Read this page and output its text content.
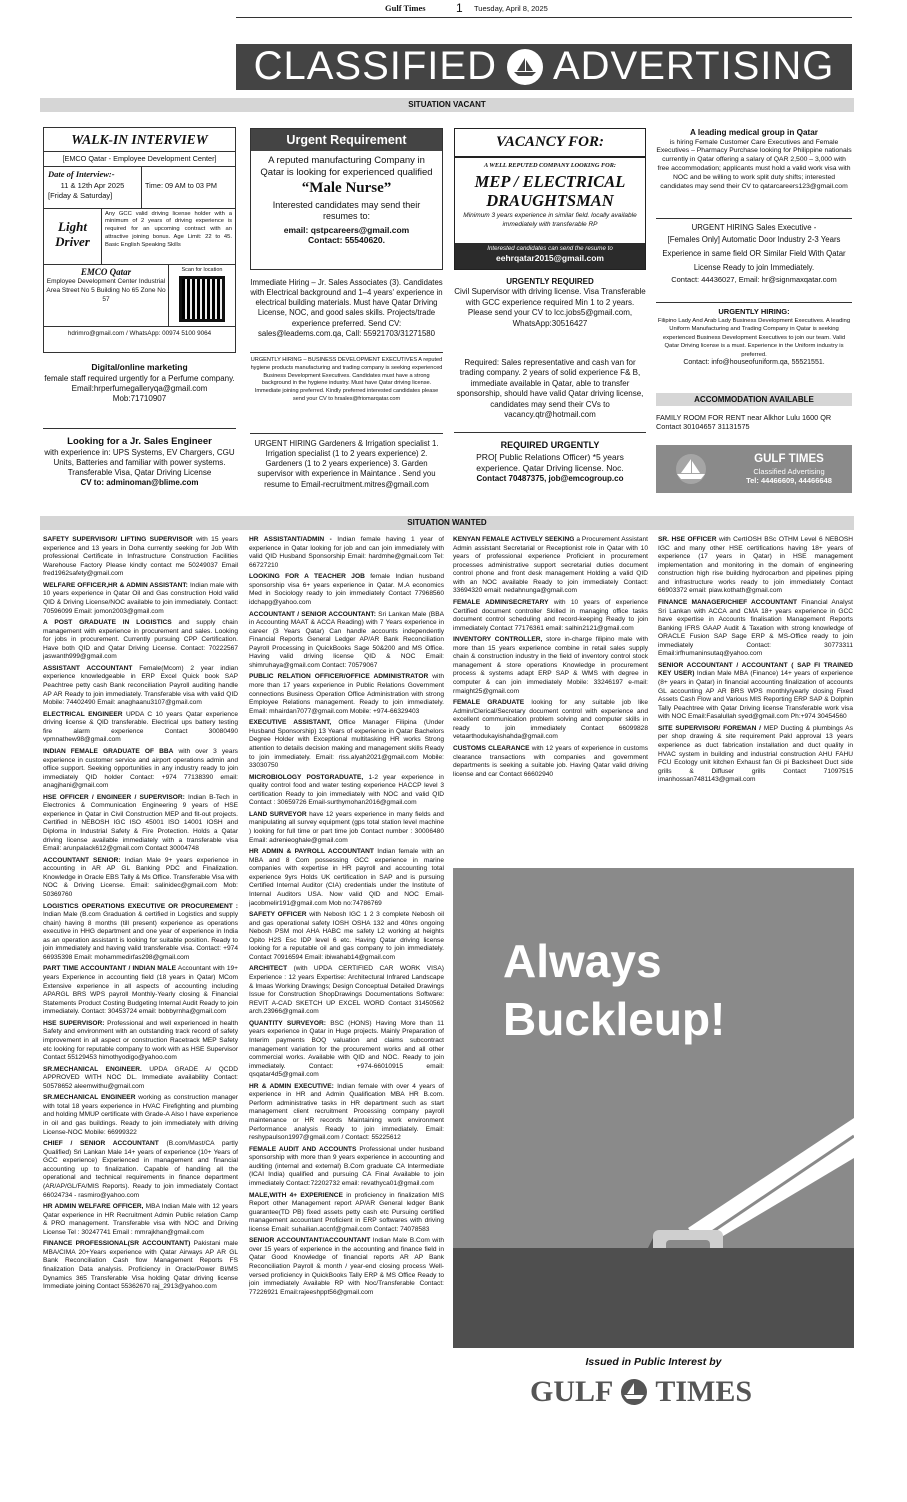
Gulf Times	1 Tuesday, April 8, 2025
CLASSIFIED ADVERTISING
SITUATION VACANT
WALK-IN INTERVIEW
[EMCO Qatar - Employee Development Center]
Date of Interview:-
11 & 12th Apr 2025
[Friday & Saturday]
Time: 09 AM to 03 PM
Light Driver
Any GCC valid driving license holder with a minimum of 2 years of driving experience is required for an upcoming contract with an attractive joining bonus. Age Limit: 22 to 45. Basic English Speaking Skills
EMCO Qatar
Employee Development Center Industrial Area Street No 5 Building No 65 Zone No 57
Scan for location
hdrimro@gmail.com / WhatsApp: 00974 5100 9064
Digital/online marketing
female staff required urgently for a Perfume company.
Email:hrperfumegalleryqa@gmail.com
Mob:71710907
Looking for a Jr. Sales Engineer
with experience in: UPS Systems, EV Chargers, CGU Units, Batteries and familiar with power systems. Transferable Visa, Qatar Driving License
CV to: adminoman@blime.com
Urgent Requirement
A reputed manufacturing Company in Qatar is looking for experienced qualified
“Male Nurse”
Interested candidates may send their resumes to:
email: qstpcareers@gmail.com
Contact: 55540620.
Immediate Hiring – Jr. Sales Associates (3). Candidates with Electrical background and 1–4 years' experience in electrical building materials. Must have Qatar Driving License, NOC, and good sales skills. Projects/trade experience preferred. Send CV: sales@leadems.com.qa, Call: 55921703/31271580
URGENTLY HIRING – BUSINESS DEVELOPMENT EXECUTIVES A reputed hygiene products manufacturing and trading company is seeking experienced Business Development Executives. Candidates must have a strong background in the hygiene industry. Must have Qatar driving license. Immediate joining preferred. Kindly preferred interested candidates please send your CV to hrsales@friomarqatar.com
URGENT HIRING Gardeners & Irrigation specialist 1. Irrigation specialist (1 to 2 years experience) 2. Gardeners (1 to 2 years experience) 3. Garden supervisor with experience in Maintance . Send you resume to Email-recruitment.mitres@gmail.com
VACANCY FOR:
A WELL REPUTED COMPANY LOOKING FOR:
MEP / ELECTRICAL DRAUGHTSMAN
Minimum 3 years experience in similar field. locally available immediately with transferable RP
Interested candidates can send the resume to
eehrqatar2015@gmail.com
URGENTLY REQUIRED
Civil Supervisor with driving license. Visa Transferable with GCC experience required Min 1 to 2 years. Please send your CV to lcc.jobs5@gmail.com, WhatsApp:30516427
Required: Sales representative and cash van for trading company. 2 years of solid experience F& B, immediate available in Qatar, able to transfer sponsorship, should have valid Qatar driving license, candidates may send their CVs to vacancy.qtr@hotmail.com
REQUIRED URGENTLY
PRO[ Public Relations Officer) *5 years experience. Qatar Driving license. Noc.
Contact 70487375, job@emcogroup.co
A leading medical group in Qatar
is hiring Female Customer Care Executives and Female Executives – Pharmacy Purchase looking for Philippine nationals currently in Qatar offering a salary of QAR 2,500 – 3,000 with free accommodation; applicants must hold a valid work visa with NOC and be willing to work split duty shifts; interested candidates may send their CV to qatarcareers123@gmail.com
URGENT HIRING Sales Executive -
[Females Only] Automatic Door Industry 2-3 Years Experience in same field OR Similar Field With Qatar License Ready to join Immediately.
Contact: 44436027, Email: hr@signmaxqatar.com
URGENTLY HIRING:
Filipino Lady And Arab Lady Business Development Executives. A leading Uniform Manufacturing and Trading Company in Qatar is seeking experienced Business Development Executives to join our team. Valid Qatar Driving license is a must. Experience in the Uniform industry is preferred.
Contact: info@houseofuniform.qa, 55521551.
ACCOMMODATION AVAILABLE
FAMILY ROOM FOR RENT near Alkhor Lulu 1600 QR Contact 30104657 31131575
GULF TIMES
Classified Advertising
Tel: 44466609, 44466648
SITUATION WANTED

SAFETY SUPERVISOR/ LIFTING SUPERVISOR with 15 years experience and 13 years in Doha currently seeking for Job With professional Certificate in Infrastructure Construction Facilities Warehouse Factory Please kindly contact me 50249037 Email fred1962safety@gmail.com

WELFARE OFFICER,HR & ADMIN ASSISTANT: Indian male with 10 years experience in Qatar Oil and Gas construction Hold valid QID & Driving License/NOC available to join immediately. Contact: 70596099 Email: jomon2003@gmail.com

A POST GRADUATE IN LOGISTICS and supply chain management with experience in procurement and sales. Looking for jobs in procurement. Currently pursuing CPP Certification. Have both QID and Qatar Driving License. Contact: 70222567 jaswanth999@gmail.com

ASSISTANT ACCOUNTANT Female(Mcom) 2 year indian experience knowledgeable in ERP Excel Quick book SAP Peachtree petty cash Bank reconciliation Payroll auditing handle AP AR Ready to join immediately. Transferable visa with valid QID Mobile: 74402490 Email: anaghaanu3107@gmail.com

ELECTRICAL ENGINEER UPDA C 10 years Qatar experience driving license & QID transferable. Electrical ups battery testing fire alarm experience Contact 30080490 vpmnathew98@gmail.com

INDIAN FEMALE GRADUATE OF BBA with over 3 years experience in customer service and airport operations admin and office support. Seeking opportunities in any industry ready to join immediately QID holder Contact: +974 77138390 email: anagjhani@gmail.com

HSE OFFICER / ENGINEER / SUPERVISOR: Indian B-Tech in Electronics & Communication Engineering 9 years of HSE experience in Qatar in Civil Construction MEP and fit-out projects. Certified in NEBOSH IGC ISO 45001 ISO 14001 IOSH and Diploma in Industrial Safety & Fire Protection. Holds a Qatar driving license available immediately with a transferable visa Email: arunpalack612@gmail.com Contact 30004748

ACCOUNTANT SENIOR: Indian Male 9+ years experience in accounting in AR AP GL Banking PDC and Finalization. Knowledge in Oracle EBS Tally & Ms Office. Transferable Visa with NOC & Driving License. Email: salinidec@gmail.com Mob: 50369760

LOGISTICS OPERATIONS EXECUTIVE OR PROCUREMENT : Indian Male (B.com Graduation & certified in Logistics and supply chain) having 8 months (till present) experience as operations executive in HHG department and one year of experience in India as an operation assistant is looking for suitable position. Ready to join immediately and having valid transferable visa. Contact: +974 66935398 Email: mohammedirfas298@gmail.com

PART TIME ACCOUNTANT / INDIAN MALE Accountant with 19+ years Experience in accounting field (18 years in Qatar) MCom Extensive experience in all aspects of accounting including APARGL BRS WPS payroll Monthly-Yearly closing & Financial Statements Product Costing Budgeting Internal Audit Ready to join immediately. Contact: 30453724 email: bobbyrnha@gmail.com

HSE SUPERVISOR: Professional and well experienced in health Safety and environment with an outstanding track record of safety improvement in all aspect or construction Racetrack MEP Safety etc looking for reputable company to work with as HSE Supervisor Contact 55129453 himothyodigo@yahoo.com

SR.MECHANICAL ENGINEER. UPDA GRADE A/ QCDD APPROVED WITH NOC DL. Immediate availability Contact: 50578652 aleemwithu@gmail.com

SR.MECHANICAL ENGINEER working as construction manager with total 18 years experience in HVAC Firefighting and plumbing and holding MMUP certificate with Grade-A Also I have experience in oil and gas buildings. Ready to join immediately with driving License-NOC Mobile: 66999322

CHIEF / SENIOR ACCOUNTANT (B.com/Mast/CA partly Qualified) Sri Lankan Male 14+ years of experience (10+ Years of GCC experience) Experienced in management and financial accounting up to finalization. Capable of handling all the operational and technical requirements in finance department (AR/AP/GL/FA/MIS Reports). Ready to join immediately Contact 66024734 - rasmiro@yahoo.com

HR ADMIN WELFARE OFFICER, MBA Indian Male with 12 years Qatar experience in HR Recruitment Admin Public relation Camp & PRO management. Transferable visa with NOC and Driving License Tel : 30247741 Email : mmrajkhan@gmail.com

FINANCE PROFESSIONAL(SR ACCOUNTANT) Pakistani male MBA/CIMA 20+Years experience with Qatar Airways AP AR GL Bank Reconciliation Cash flow Management Reports FS finalization Data analysis. Proficiency in Oracle/Power BI/MS Dynamics 365 Transferable Visa holding Qatar driving license Immediate joining Contact 55362670 raj_2913@yahoo.com

HR ASSISTANT/ADMIN - Indian female having 1 year of experience in Qatar looking for job and can join immediately with valid QID Husband Sponsorship Email: hardmhe@gmail.com Tel: 66727210

LOOKING FOR A TEACHER JOB female Indian husband sponsorship visa 6+ years experience in Qatar. M.A economics Med in Sociology ready to join immediately Contact 77968560 idchapg@yahoo.com

ACCOUNTANT / SENIOR ACCOUNTANT: Sri Lankan Male (BBA in Accounting MAAT & ACCA Reading) with 7 Years experience in career (3 Years Qatar) Can handle accounts independently Financial Reports General Ledger AP/AR Bank Reconciliation Payroll Processing in QuickBooks Sage 50&200 and MS Office. Having valid driving license QID & NOC Email: shimruhaya@gmail.com Contact: 70579067

PUBLIC RELATION OFFICER/OFFICE ADMINISTRATOR with more than 17 years experience in Public Relations Government connections Business Operation Office Administration with strong Employee Relations management. Ready to join immediately. Email: mhairdan7077@gmail.com Mobile: +974-66329403

EXECUTIVE ASSISTANT, Office Manager Filipina (Under Husband Sponsorship) 13 Years of experience in Qatar Bachelors Degree Holder with Exceptional multitasking HR works Strong attention to details decision making and management skills Ready to join immediately. Email: riss.alyah2021@gmail.com Mobile: 33030750

MICROBIOLOGY POSTGRADUATE, 1-2 year experience in quality control food and water testing experience HACCP level 3 certification Ready to join immediately with NOC and valid QID Contact : 30659726 Email-surthymohan2016@gmail.com

LAND SURVEYOR have 12 years experience in many fields and manipulating all survey equipment (gps total station level machine ) looking for full time or part time job Contact number : 30006480 Email: adrenieoghale@gmail.com

HR ADMIN & PAYROLL ACCOUNTANT Indian female with an MBA and 8 Com possessing GCC experience in marine companies with expertise in HR payroll and accounting total experience 9yrs Holds UK certification in SAP and is pursuing Certified Internal Auditor (CIA) credentials under the Institute of Internal Auditors USA. Now valid QID and NOC Email-jacobmelir191@gmail.com Mob no:74786769

SAFETY OFFICER with Nebosh IGC 1 2 3 complete Nebosh oil and gas operational safety IOSH OSHA 132 and 40hrs ongoing Nebosh PSM mol AHA HABC me safety L2 working at heights Opito H2S Esc IDP level 6 etc. Having Qatar driving license looking for a reputable oil and gas company to join immediately. Contact 70916594 Email: ibiwahab14@gmail.com

ARCHITECT (with UPDA CERTIFIED CAR WORK VISA) Experience : 12 years Expertise: Architectural Infrared Landscape & Imaas Working Drawings; Design Conceptual Detailed Drawings Issue for Construction ShopDrawings Documentations Software: REVIT A-CAD SKETCH UP EXCEL WORD Contact 31450562 arch.23966@gmail.com

QUANTITY SURVEYOR: BSC (HONS) Having More than 11 years experience in Qatar in Huge projects. Mainly Preparation of Interim payments BOQ valuation and claims subcontract management variation for the procurement works and all other commercial works. Available with QID and NOC. Ready to join immediately. Contact: +974-66010915 email: qsqatar4d5@gmail.com

HR & ADMIN EXECUTIVE: Indian female with over 4 years of experience in HR and Admin Qualification MBA HR B.com. Perform administrative tasks in HR department such as start management client recruitment Processing company payroll maintenance or HR records Maintaining work environment Performance analysis Ready to join immediately. Email: reshypaulson1997@gmail.com / Contact: 55225612

FEMALE AUDIT AND ACCOUNTS Professional under husband sponsorship with more than 9 years experience in accounting and auditing (internal and external) B.Com graduate CA Intermediate (ICAI India) qualified and pursuing CA Final Available to join immediately Contact:72202732 email: revathyca01@gmail.com

MALE,WITH 4+ EXPERIENCE in proficiency in finalization MIS Report other Management report AP/AR General ledger Bank guarantee(TD PB) fixed assets petty cash etc Pursuing certified management accountant Proficient in ERP softwares with driving license Email: suhailian.accnf@gmail.com Contact: 74078583

SENIOR ACCOUNTANT/ACCOUNTANT Indian Male B.Com with over 15 years of experience in the accounting and finance field in Qatar Good Knowledge of financial reports AR AP Bank Reconciliation Payroll & month / year-end closing process Well-versed proficiency in QuickBooks Tally ERP & MS Office Ready to join immediately Available RP with Noc/Transferable Contact: 77226921 Email:rajeeshppt56@gmail.com

KENYAN FEMALE ACTIVELY SEEKING a Procurement Assistant Admin assistant Secretarial or Receptionist role in Qatar with 10 years of professional experience Proficient in procurement processes administrative support secretarial duties document control phone and front desk management Holding a valid QID with an NOC available Ready to join immediately Contact: 33694320 email: nedahnunga@gmail.com

FEMALE ADMIN/SECRETARY with 10 years of experience Certified document controller Skilled in managing office tasks document control scheduling and record-keeping Ready to join immediately Contact 77176361 email: salhin2121@gmail.com

INVENTORY CONTROLLER, store in-charge filipino male with more than 15 years experience combine in retail sales supply chain & construction industry in the field of inventory control stock management & store operations Knowledge in procurement process & systems adapt ERP SAP & WMS with degree in computer & can join immediately Mobile: 33246197 e-mail: rmaight25@gmail.com

FEMALE GRADUATE looking for any suitable job like Admin/Clerical/Secretary document control with experience and excellent communication problem solving and computer skills in ready to join immediately Contact 66099828 vetaarthodukayishahda@gmail.com

CUSTOMS CLEARANCE with 12 years of experience in customs clearance transactions with companies and government departments is seeking a suitable job. Having Qatar valid driving license and car Contact 66602940

SR. HSE OFFICER with CertIOSH BSc OTHM Level 6 NEBOSH IGC and many other HSE certifications having 18+ years of experience (17 years in Qatar) in HSE management implementation and monitoring in the domain of engineering construction high rise building hydrocarbon and pipelines piping and infrastructure works ready to join immediately Contact 66903372 email: piaw.kothath@gmail.com

FINANCE MANAGER/CHIEF ACCOUNTANT Financial Analyst Sri Lankan with ACCA and CMA 18+ years experience in GCC have expertise in Accounts finalisation Management Reports Banking IFRS GAAP Audit & Taxation with strong knowledge of ORACLE Fusion SAP Sage ERP & MS-Office ready to join immediately Contact: 30773311 Email:irfhumaninsutaq@yahoo.com

SENIOR ACCOUNTANT / ACCOUNTANT ( SAP FI TRAINED KEY USER) Indian Male MBA (Finance) 14+ years of experience (8+ years in Qatar) in financial accounting finalization of accounts GL accounting AP AR BRS WPS monthly/yearly closing Fixed Assets Cash Flow and Various MIS Reporting ERP SAP & Dolphin Tally Peachtree with Qatar Driving license Transferable work visa with NOC Email:Fasalullah syed@gmail.com Ph:+974 30454560

SITE SUPERVISOR/ FOREMAN / MEP Ducting & plumbings As per shop drawing & site requirement Pakl approval 13 years experience as duct fabrication installation and duct quality in HVAC system in building and industrial construction AHU FAHU FCU Ecology unit kitchen Exhaust fan Gi pi Backsheet Duct side grills & Diffuser grills Contact 71097515 imanhossan7481143@gmail.com

Always
Buckleup!
Issued in Public Interest by
GULF TIMES
